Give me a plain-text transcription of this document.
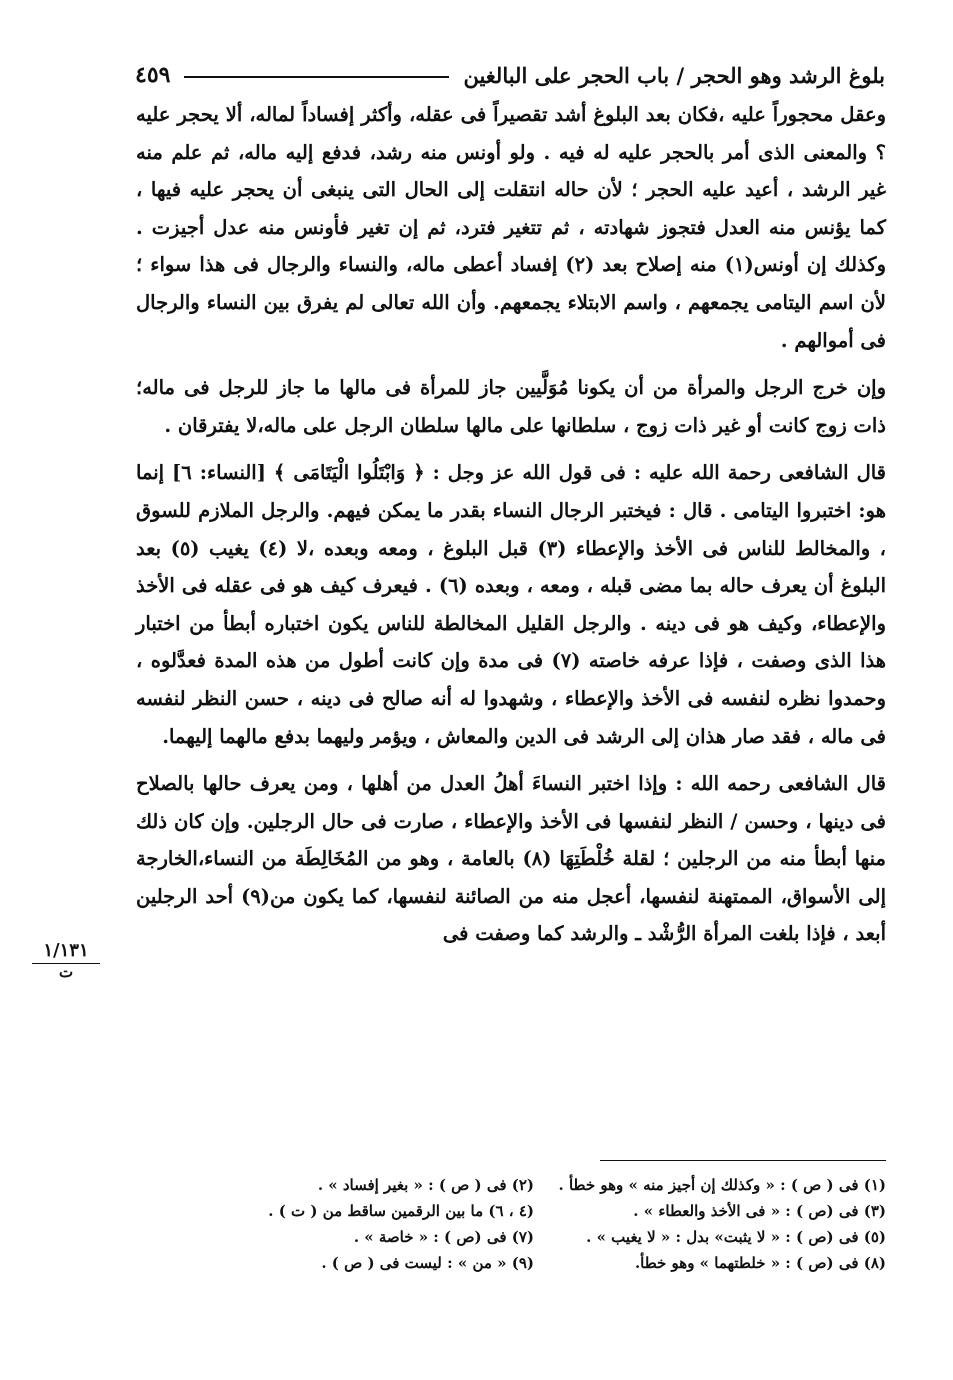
بلوغ الرشد وهو الحجر / باب الحجر على البالغين
٤٥٩

وعقل محجوراً عليه ،فكان بعد البلوغ أشد تقصيراً فى عقله، وأكثر إفساداً لماله، ألا يحجر عليه ؟ والمعنى الذى أمر بالحجر عليه له فيه . ولو أونس منه رشد، فدفع إليه ماله، ثم علم منه غير الرشد ، أعيد عليه الحجر ؛ لأن حاله انتقلت إلى الحال التى ينبغى أن يحجر عليه فيها ، كما يؤنس منه العدل فتجوز شهادته ، ثم تتغير فترد، ثم إن تغير فأونس منه عدل أجيزت . وكذلك إن أونس(١) منه إصلاح بعد (٢) إفساد أعطى ماله، والنساء والرجال فى هذا سواء ؛ لأن اسم اليتامى يجمعهم ، واسم الابتلاء يجمعهم. وأن الله تعالى لم يفرق بين النساء والرجال فى أموالهم .

وإن خرج الرجل والمرأة من أن يكونا مُوَلَّيين جاز للمرأة فى مالها ما جاز للرجل فى ماله؛ ذات زوج كانت أو غير ذات زوج ، سلطانها على مالها سلطان الرجل على ماله،لا يفترقان .

قال الشافعى رحمة الله عليه : فى قول الله عز وجل : ﴿ وَابْتَلُوا الْيَتَامَى ﴾ [النساء: ٦] إنما هو: اختبروا اليتامى . قال : فيختبر الرجال النساء بقدر ما يمكن فيهم. والرجل الملازم للسوق ، والمخالط للناس فى الأخذ والإعطاء (٣) قبل البلوغ ، ومعه وبعده ،لا (٤) يغيب (٥) بعد البلوغ أن يعرف حاله بما مضى قبله ، ومعه ، وبعده (٦) . فيعرف كيف هو فى عقله فى الأخذ والإعطاء، وكيف هو فى دينه . والرجل القليل المخالطة للناس يكون اختباره أبطأ من اختبار هذا الذى وصفت ، فإذا عرفه خاصته (٧) فى مدة وإن كانت أطول من هذه المدة فعدَّلوه ، وحمدوا نظره لنفسه فى الأخذ والإعطاء ، وشهدوا له أنه صالح فى دينه ، حسن النظر لنفسه فى ماله ، فقد صار هذان إلى الرشد فى الدين والمعاش ، ويؤمر وليهما بدفع مالهما إليهما.

قال الشافعى رحمه الله : وإذا اختبر النساءَ أهلُ العدل من أهلها ، ومن يعرف حالها بالصلاح فى دينها ، وحسن / النظر لنفسها فى الأخذ والإعطاء ، صارت فى حال الرجلين. وإن كان ذلك منها أبطأ منه من الرجلين ؛ لقلة خُلْطَتِهَا (٨) بالعامة ، وهو من المُخَالِطَة من النساء،الخارجة إلى الأسواق، الممتهنة لنفسها، أعجل منه من الصائنة لنفسها، كما يكون من(٩) أحد الرجلين أبعد ، فإذا بلغت المرأة الرُّشْد ـ والرشد كما وصفت فى

١/١٣١
ت
(١) فى ( ص ) : « وكذلك إن أجيز منه » وهو خطأ .
(٢) فى ( ص ) : « بغير إفساد » .
(٣) فى (ص ) : « فى الأخذ والعطاء » .
(٤ ، ٦) ما بين الرقمين ساقط من ( ت ) .
(٥) فى (ص ) : « لا يثبت» بدل : « لا يغيب » .
(٧) فى (ص ) : « خاصة » .
(٨) فى (ص ) : « خلطتهما » وهو خطأ.
(٩) « من » : ليست فى ( ص ) .
